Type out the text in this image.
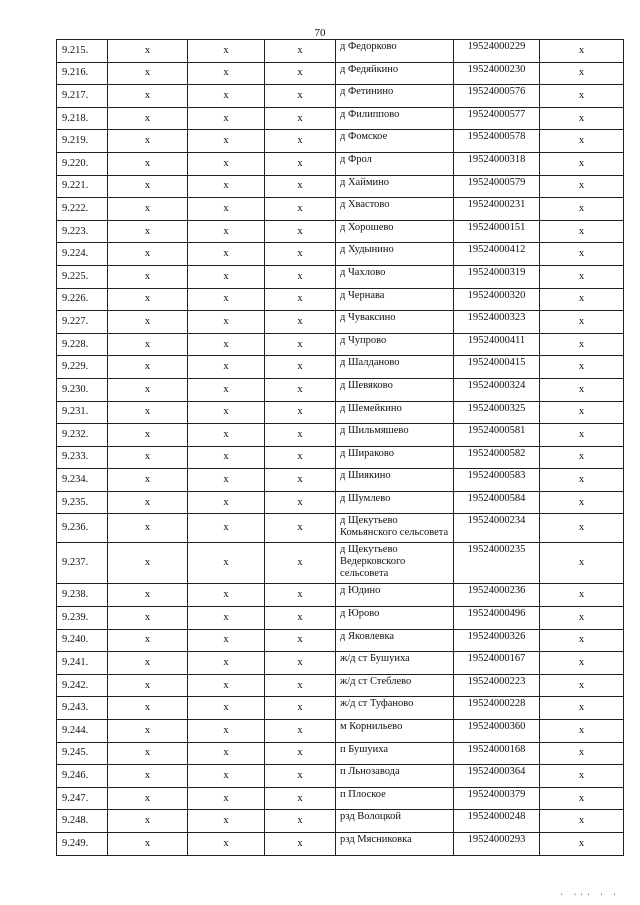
70
9.215.	x	x	x	д Федорково	19524000229	x
9.216.	x	x	x	д Федяйкино	19524000230	x
9.217.	x	x	x	д Фетинино	19524000576	x
9.218.	x	x	x	д Филиппово	19524000577	x
9.219.	x	x	x	д Фомское	19524000578	x
9.220.	x	x	x	д Фрол	19524000318	x
9.221.	x	x	x	д Хаймино	19524000579	x
9.222.	x	x	x	д Хвастово	19524000231	x
9.223.	x	x	x	д Хорошево	19524000151	x
9.224.	x	x	x	д Худынино	19524000412	x
9.225.	x	x	x	д Чахлово	19524000319	x
9.226.	x	x	x	д Чернава	19524000320	x
9.227.	x	x	x	д Чуваксино	19524000323	x
9.228.	x	x	x	д Чупрово	19524000411	x
9.229.	x	x	x	д Шалданово	19524000415	x
9.230.	x	x	x	д Шевяково	19524000324	x
9.231.	x	x	x	д Шемейкино	19524000325	x
9.232.	x	x	x	д Шильмяшево	19524000581	x
9.233.	x	x	x	д Шираково	19524000582	x
9.234.	x	x	x	д Шиякино	19524000583	x
9.235.	x	x	x	д Шумлево	19524000584	x
9.236.	x	x	x	д Щекутьево Комьянского сельсовета	19524000234	x
9.237.	x	x	x	д Щекутьево Ведерковского сельсовета	19524000235	x
9.238.	x	x	x	д Юдино	19524000236	x
9.239.	x	x	x	д Юрово	19524000496	x
9.240.	x	x	x	д Яковлевка	19524000326	x
9.241.	x	x	x	ж/д ст Бушуиха	19524000167	x
9.242.	x	x	x	ж/д ст Стеблево	19524000223	x
9.243.	x	x	x	ж/д ст Туфаново	19524000228	x
9.244.	x	x	x	м Корнильево	19524000360	x
9.245.	x	x	x	п Бушуиха	19524000168	x
9.246.	x	x	x	п Льнозавода	19524000364	x
9.247.	x	x	x	п Плоское	19524000379	x
9.248.	x	x	x	рзд Волоцкой	19524000248	x
9.249.	x	x	x	рзд Мясниковка	19524000293	x
' ''' ' '
